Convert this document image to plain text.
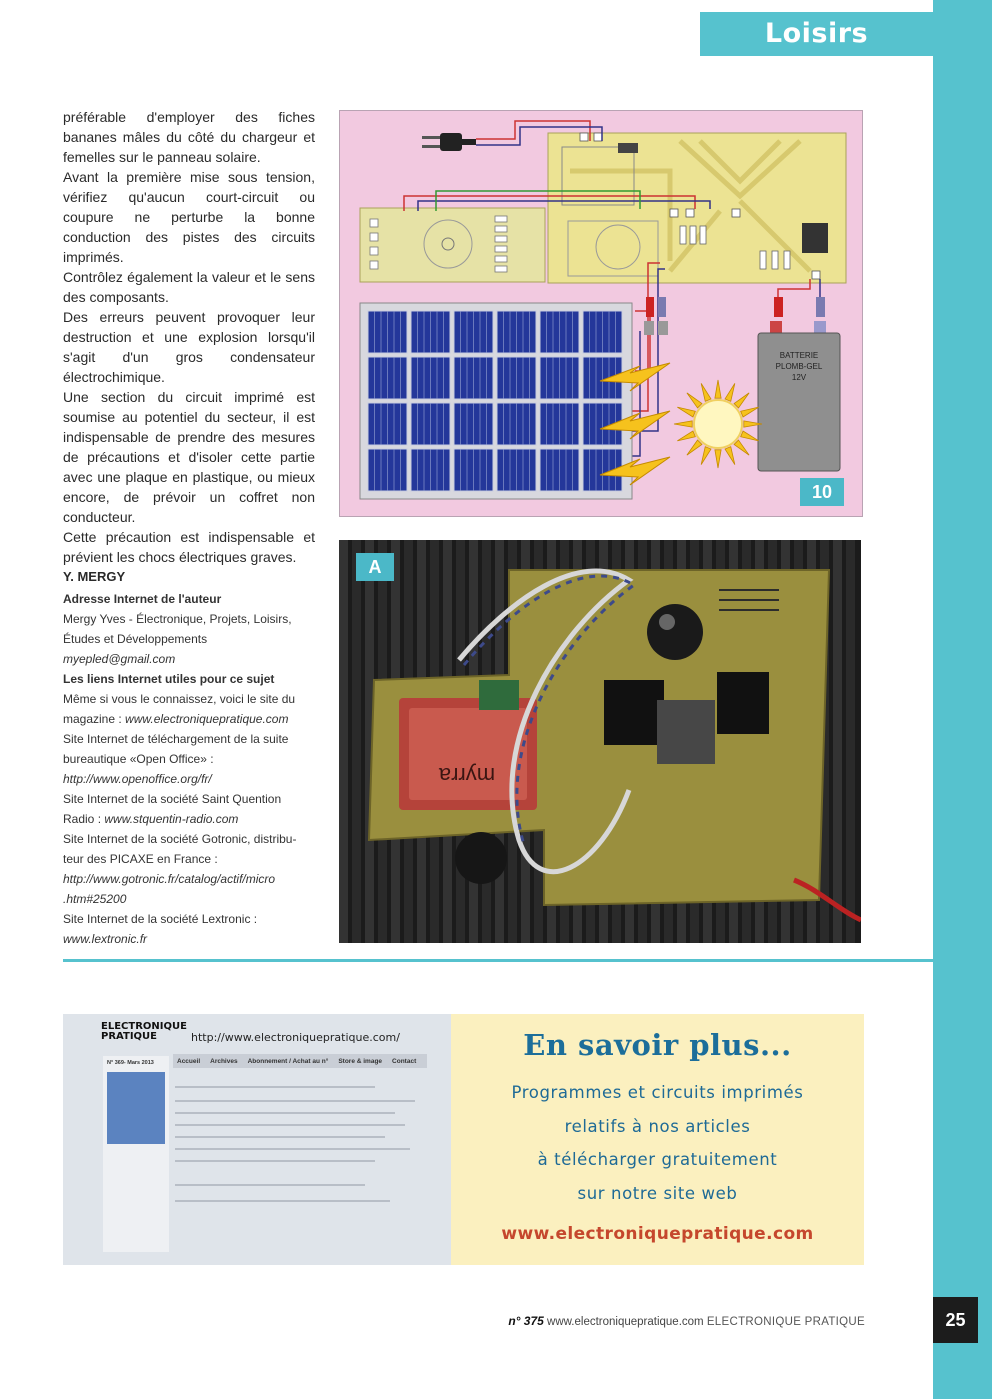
Loisirs

préférable d'employer des fiches bananes mâles du côté du chargeur et femelles sur le panneau solaire.

Avant la première mise sous tension, vérifiez qu'aucun court-circuit ou coupure ne perturbe la bonne conduction des pistes des circuits imprimés.

Contrôlez également la valeur et le sens des composants.

Des erreurs peuvent provoquer leur destruction et une explosion lorsqu'il s'agit d'un gros condensateur électrochimique.

Une section du circuit imprimé est soumise au potentiel du secteur, il est indispensable de prendre des mesures de précautions et d'isoler cette partie avec une plaque en plastique, ou mieux encore, de prévoir un coffret non conducteur.

Cette précaution est indispensable et prévient les chocs électriques graves.

Y. MERGY

Adresse Internet de l'auteur
Mergy Yves - Électronique, Projets, Loisirs,
Études et Développements
myepled@gmail.com
Les liens Internet utiles pour ce sujet
Même si vous le connaissez, voici le site du
magazine : www.electroniquepratique.com
Site Internet de téléchargement de la suite
bureautique «Open Office» :
http://www.openoffice.org/fr/
Site Internet de la société Saint Quention
Radio : www.stquentin-radio.com
Site Internet de la société Gotronic, distribu-
teur des PICAXE en France :
http://www.gotronic.fr/catalog/actif/micro
.htm#25200
Site Internet de la société Lextronic :
www.lextronic.fr
BATTERIE
PLOMB-GEL
12V
10
myrra
A
ELECTRONIQUE
PRATIQUE	http://www.electroniquepratique.com/
Accueil Archives Abonnement / Achat au n° Store & image Contact
N° 369- Mars 2013
En savoir plus...
Programmes et circuits imprimés
relatifs à nos articles
à télécharger gratuitement
sur notre site web
www.electroniquepratique.com
n° 375 www.electroniquepratique.com ELECTRONIQUE PRATIQUE	25
